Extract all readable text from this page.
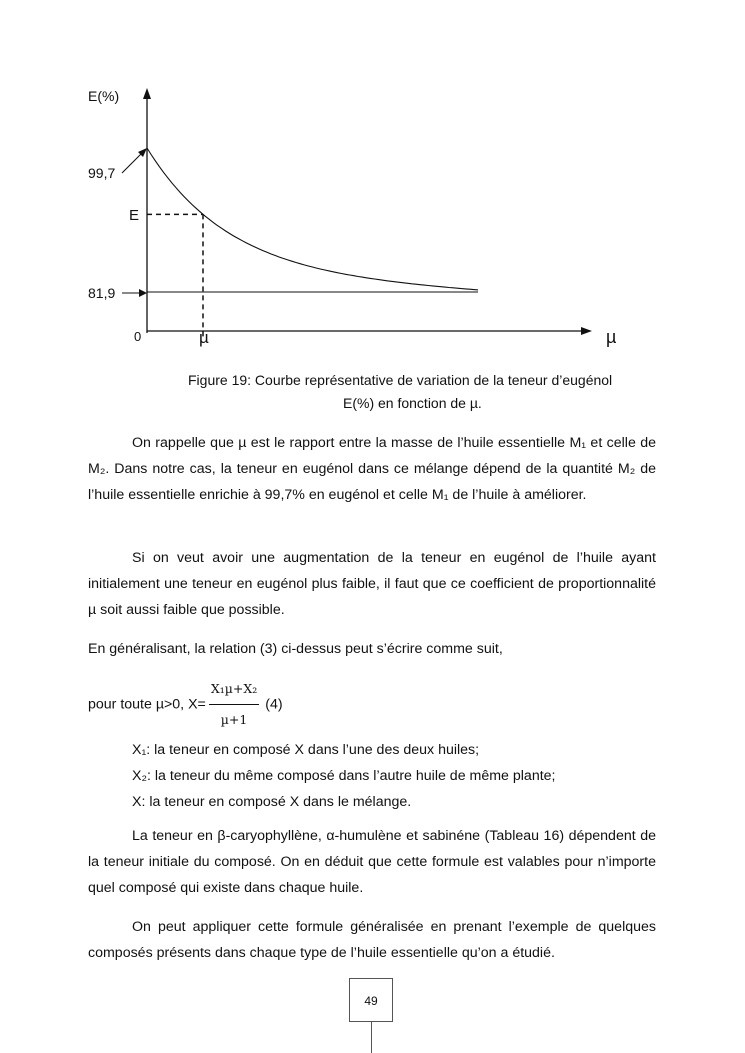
E(%)
99,7
81,9
E
0	µ	µ
Figure 19: Courbe représentative de variation de la teneur d’eugénol
E(%) en fonction de µ.
On rappelle que µ est le rapport entre la masse de l’huile essentielle M₁ et celle de M₂. Dans notre cas, la teneur en eugénol dans ce mélange dépend de la quantité M₂ de l’huile essentielle enrichie à 99,7% en eugénol et celle M₁ de l’huile à améliorer.
Si on veut avoir une augmentation de la teneur en eugénol de l’huile ayant initialement une teneur en eugénol plus faible, il faut que ce coefficient de proportionnalité µ soit aussi faible que possible.
En généralisant, la relation (3) ci-dessus peut s’écrire comme suit,
pour toute µ>0, $X= \frac{\text{X₁µ+X₂}}{\text{µ+1}} (4)$
X₁: la teneur en composé X dans l’une des deux huiles;
X₂: la teneur du même composé dans l’autre huile de même plante;
X: la teneur en composé X dans le mélange.
La teneur en β-caryophyllène, α-humulène et sabinéne (Tableau 16) dépendent de la teneur initiale du composé. On en déduit que cette formule est valables pour n’importe quel composé qui existe dans chaque huile.
On peut appliquer cette formule généralisée en prenant l’exemple de quelques composés présents dans chaque type de l’huile essentielle qu’on a étudié.
49
